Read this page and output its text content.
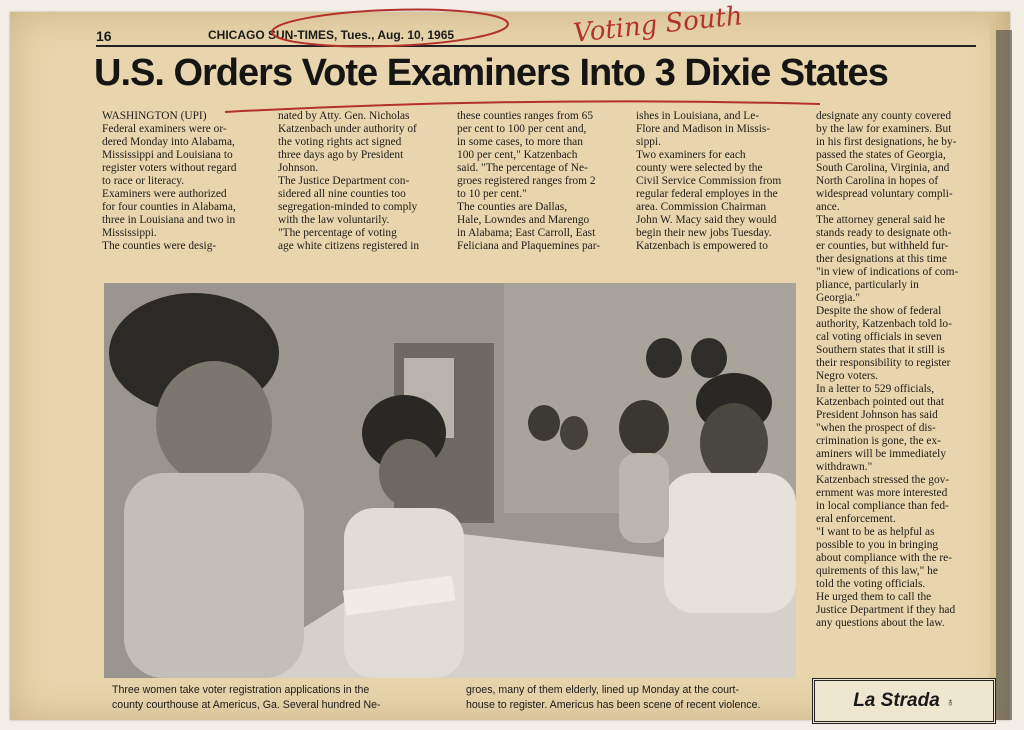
16	CHICAGO SUN-TIMES, Tues., Aug. 10, 1965	Voting South
U.S. Orders Vote Examiners Into 3 Dixie States
WASHINGTON (UPI)
Federal examiners were or-
dered Monday into Alabama,
Mississippi and Louisiana to
register voters without regard
to race or literacy.
Examiners were authorized
for four counties in Alabama,
three in Louisiana and two in
Mississippi.
The counties were desig-
nated by Atty. Gen. Nicholas
Katzenbach under authority of
the voting rights act signed
three days ago by President
Johnson.
The Justice Department con-
sidered all nine counties too
segregation-minded to comply
with the law voluntarily.
"The percentage of voting
age white citizens registered in
these counties ranges from 65
per cent to 100 per cent and,
in some cases, to more than
100 per cent," Katzenbach
said. "The percentage of Ne-
groes registered ranges from 2
to 10 per cent."
The counties are Dallas,
Hale, Lowndes and Marengo
in Alabama; East Carroll, East
Feliciana and Plaquemines par-
ishes in Louisiana, and Le-
Flore and Madison in Missis-
sippi.
Two examiners for each
county were selected by the
Civil Service Commission from
regular federal employes in the
area. Commission Chairman
John W. Macy said they would
begin their new jobs Tuesday.
Katzenbach is empowered to
designate any county covered
by the law for examiners. But
in his first designations, he by-
passed the states of Georgia,
South Carolina, Virginia, and
North Carolina in hopes of
widespread voluntary compli-
ance.
The attorney general said he
stands ready to designate oth-
er counties, but withheld fur-
ther designations at this time
"in view of indications of com-
pliance, particularly in
Georgia."
Despite the show of federal
authority, Katzenbach told lo-
cal voting officials in seven
Southern states that it still is
their responsibility to register
Negro voters.
In a letter to 529 officials,
Katzenbach pointed out that
President Johnson has said
"when the prospect of dis-
crimination is gone, the ex-
aminers will be immediately
withdrawn."
Katzenbach stressed the gov-
ernment was more interested
in local compliance than fed-
eral enforcement.
"I want to be as helpful as
possible to you in bringing
about compliance with the re-
quirements of this law," he
told the voting officials.
He urged them to call the
Justice Department if they had
any questions about the law.
Three women take voter registration applications in the
county courthouse at Americus, Ga. Several hundred Ne-
groes, many of them elderly, lined up Monday at the court-
house to register. Americus has been scene of recent violence.	La Strada ♁
